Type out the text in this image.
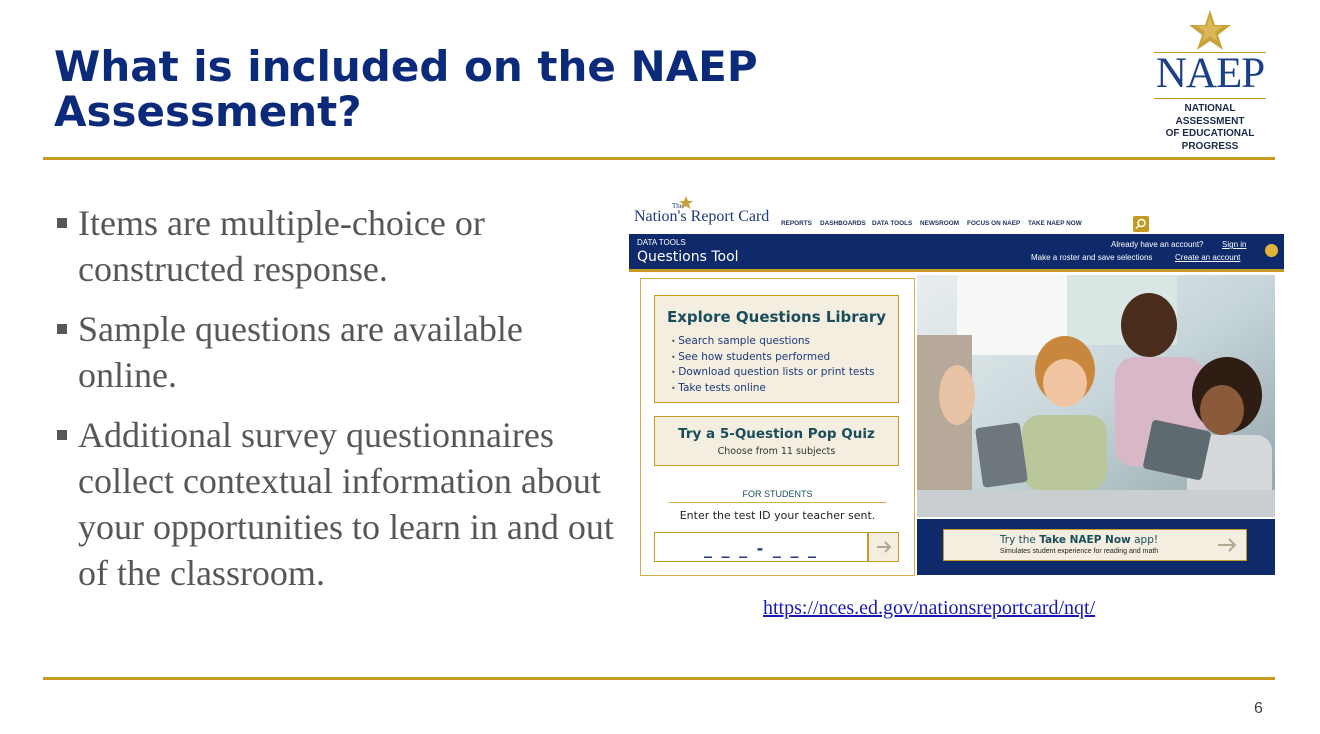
What is included on the NAEP Assessment?
NAEP
NATIONAL ASSESSMENT
OF EDUCATIONAL
PROGRESS
Items are multiple-choice or constructed response.
Sample questions are available online.
Additional survey questionnaires collect contextual information about your opportunities to learn in and out of the classroom.
The
Nation's Report Card REPORTS DASHBOARDS DATA TOOLS NEWSROOM FOCUS ON NAEP TAKE NAEP NOW
DATA TOOLS
Questions Tool
Already have an account? Sign in
Make a roster and save selections	Create an account
Explore Questions Library
• Search sample questions
• See how students performed
• Download question lists or print tests
• Take tests online
Try a 5-Question Pop Quiz
Choose from 11 subjects
FOR STUDENTS
Enter the test ID your teacher sent.
_ _ _ - _ _ _	Try the Take NAEP Now app!
Simulates student experience for reading and math
https://nces.ed.gov/nationsreportcard/nqt/
6
